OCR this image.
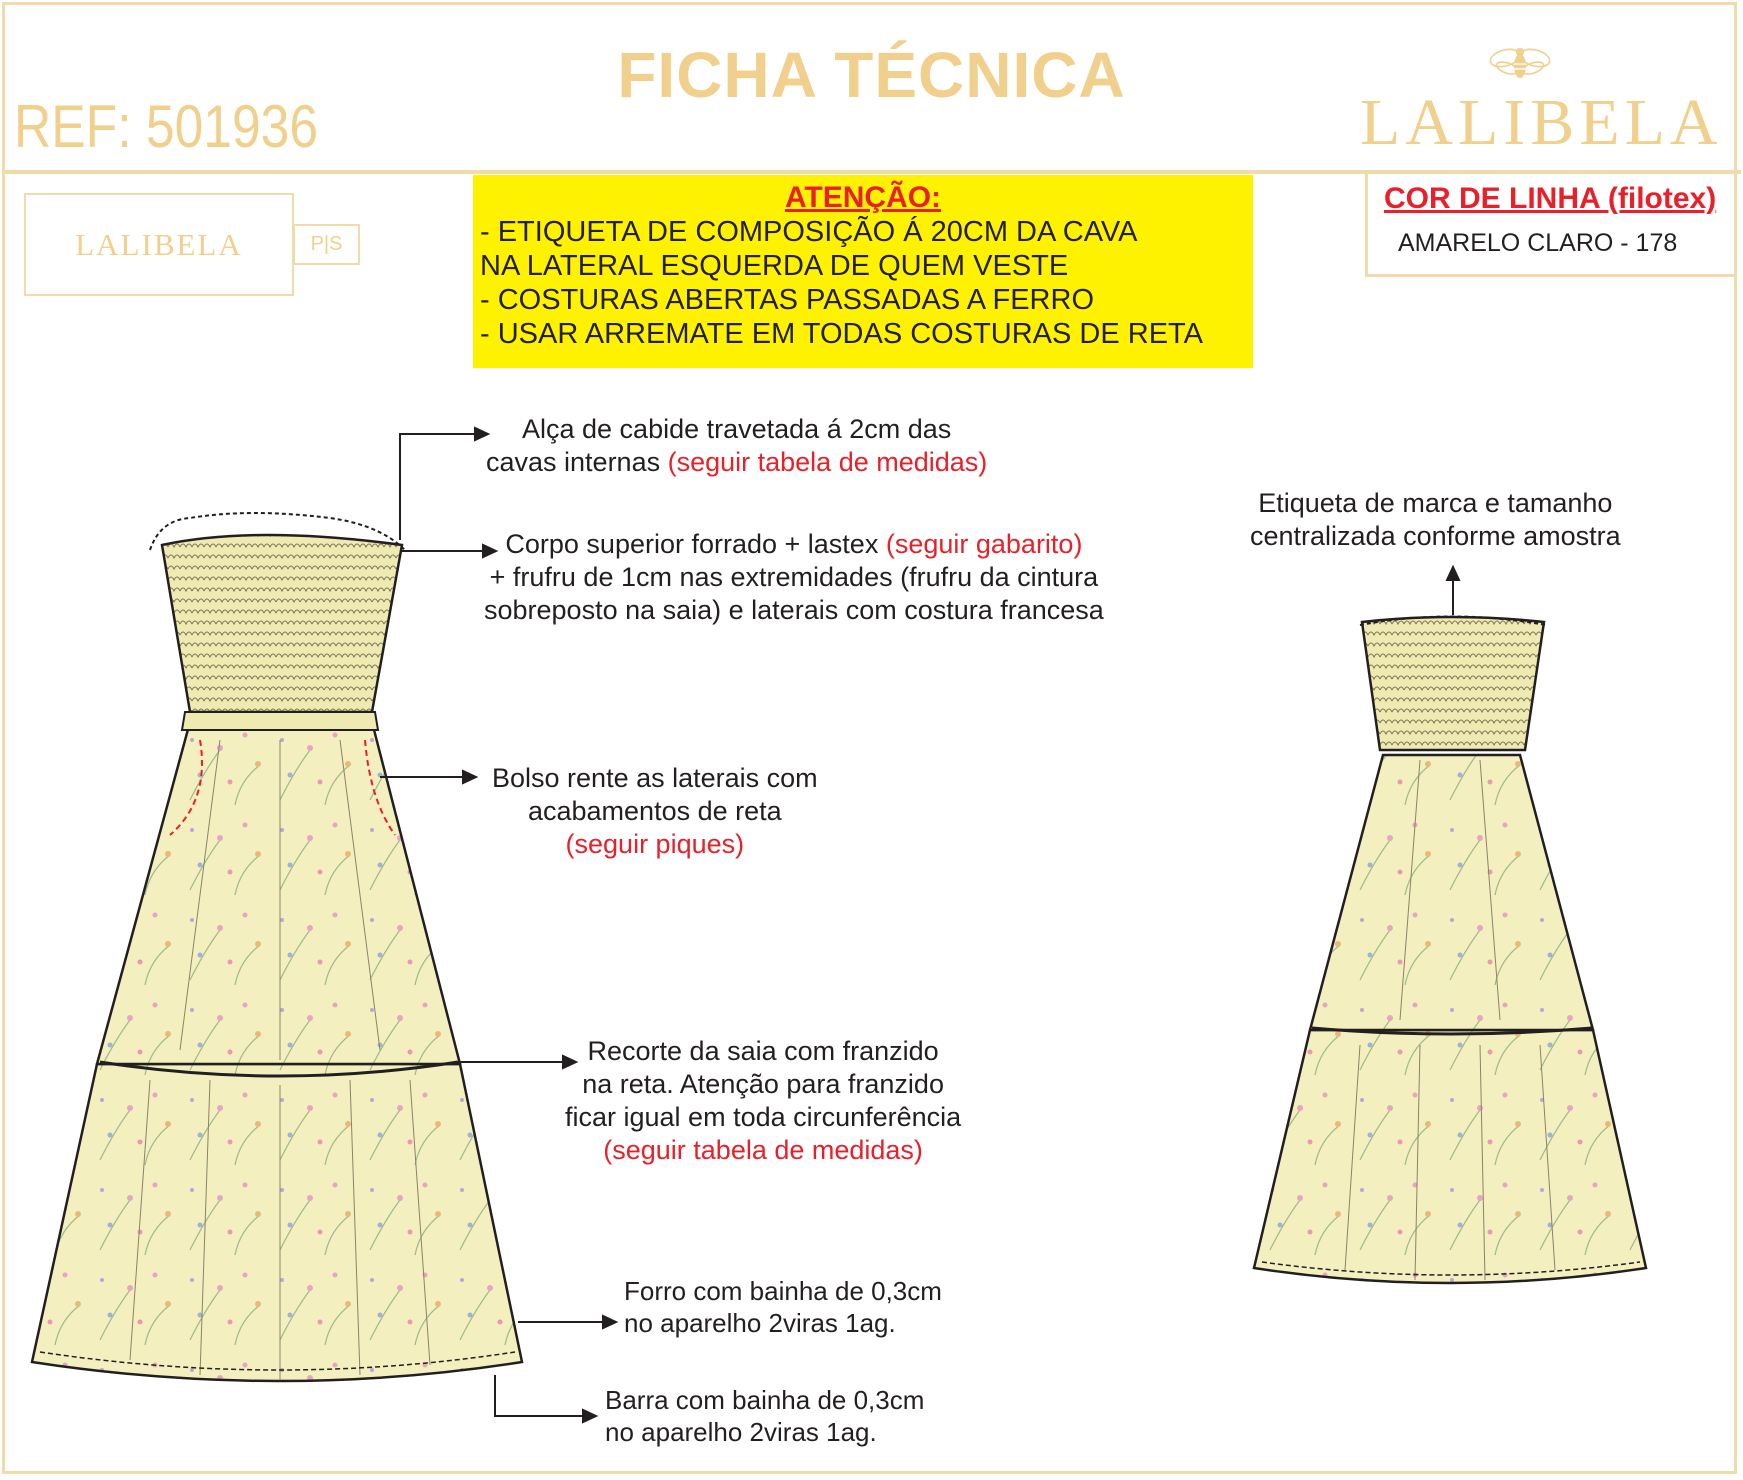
FICHA TÉCNICA
REF: 501936	LALIBELA
LALIBELA	P|S
ATENÇÃO:
- ETIQUETA DE COMPOSIÇÃO Á 20CM DA CAVA
NA LATERAL ESQUERDA DE QUEM VESTE
- COSTURAS ABERTAS PASSADAS A FERRO
- USAR ARREMATE EM TODAS COSTURAS DE RETA
COR DE LINHA (filotex)
AMARELO CLARO - 178
Alça de cabide travetada á 2cm das
cavas internas (seguir tabela de medidas)
Corpo superior forrado + lastex (seguir gabarito)
+ frufru de 1cm nas extremidades (frufru da cintura
sobreposto na saia) e laterais com costura francesa
Bolso rente as laterais com
acabamentos de reta
(seguir piques)
Recorte da saia com franzido
na reta. Atenção para franzido
ficar igual em toda circunferência
(seguir tabela de medidas)
Forro com bainha de 0,3cm
no aparelho 2viras 1ag.
Barra com bainha de 0,3cm
no aparelho 2viras 1ag.
Etiqueta de marca e tamanho
centralizada conforme amostra
